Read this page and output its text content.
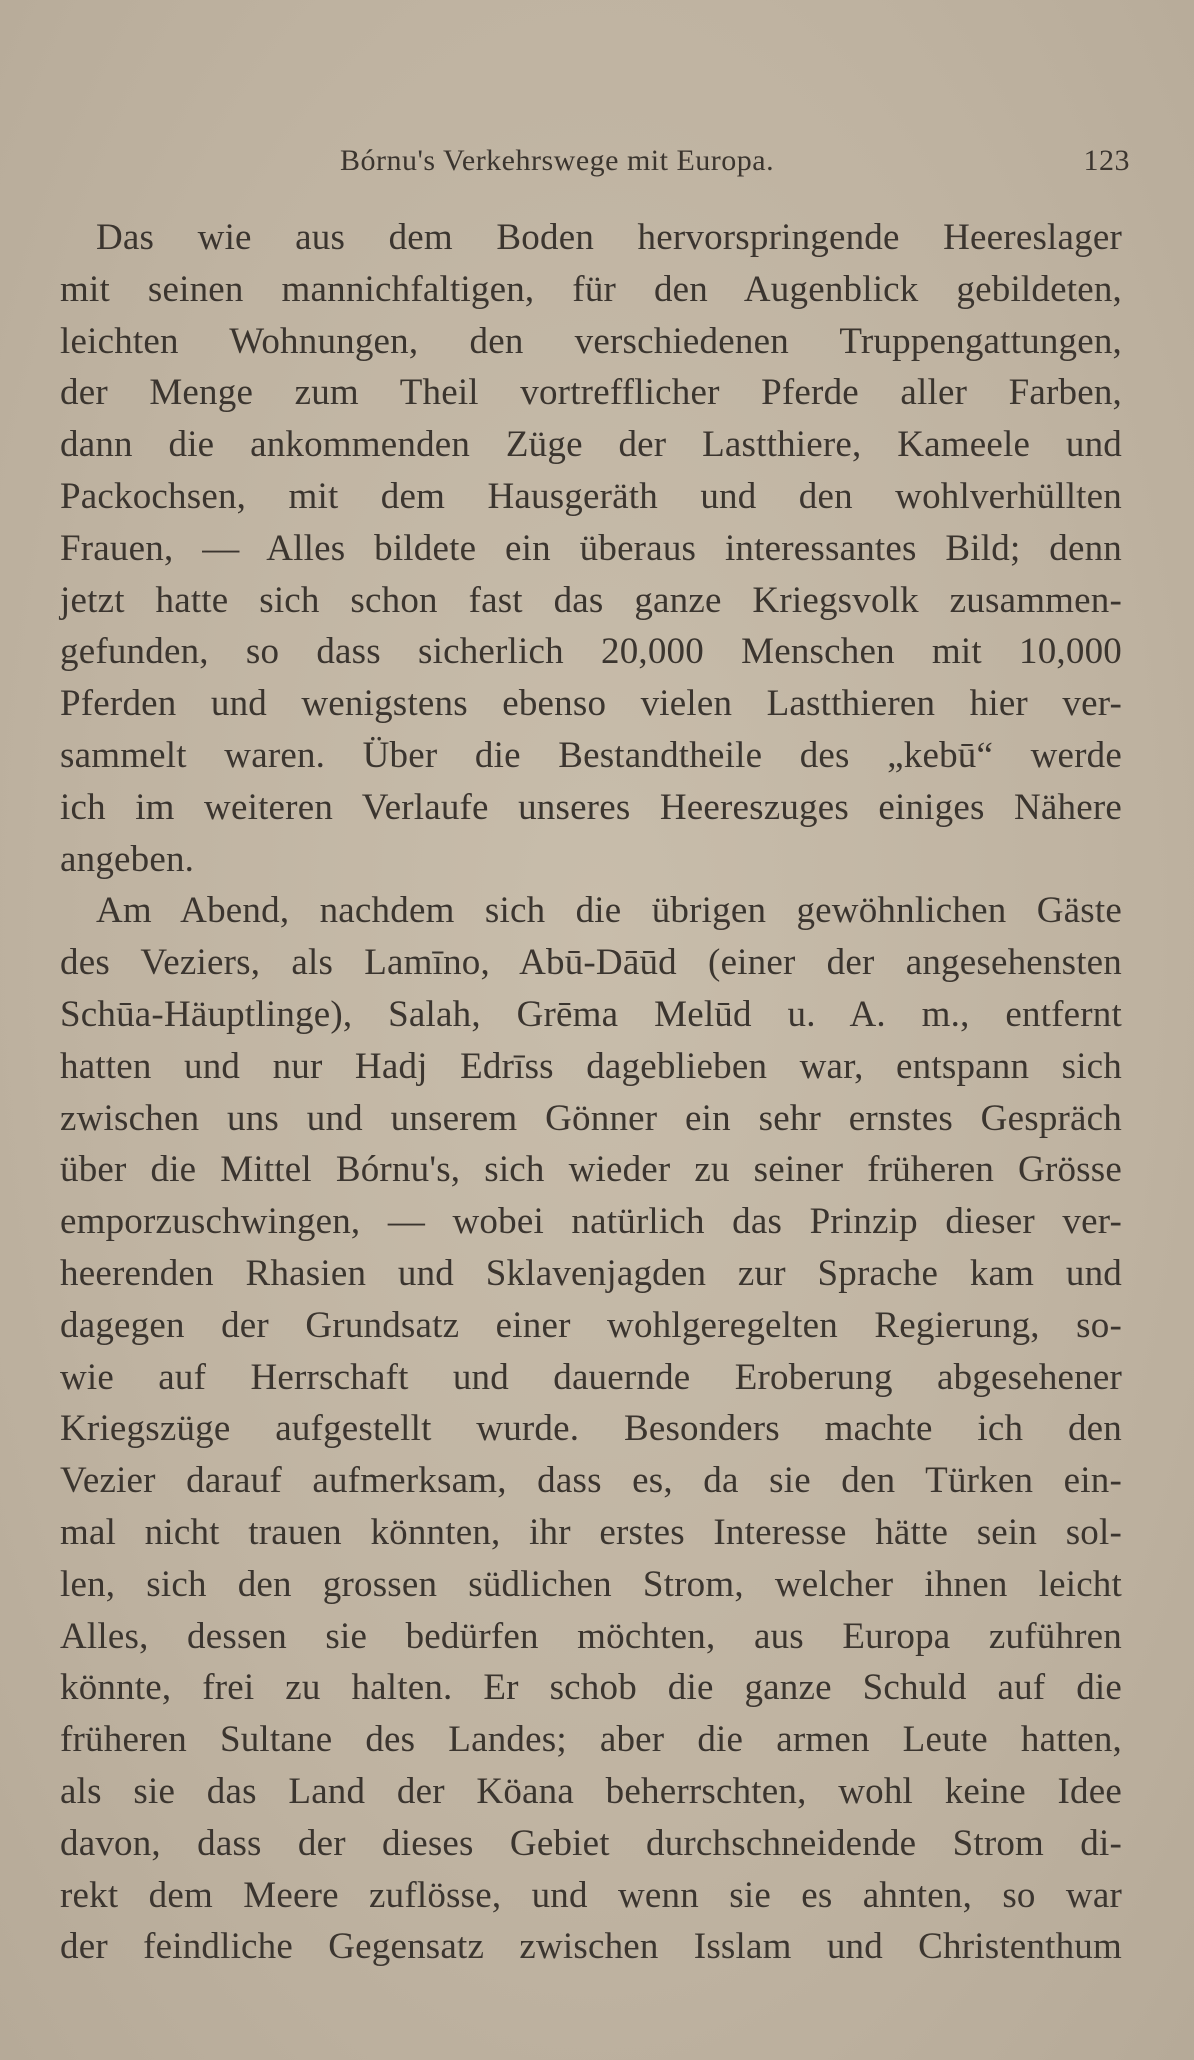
Bórnu's Verkehrswege mit Europa.	123
Das wie aus dem Boden hervorspringende Heereslager
mit seinen mannichfaltigen, für den Augenblick gebildeten,
leichten Wohnungen, den verschiedenen Truppengattungen,
der Menge zum Theil vortrefflicher Pferde aller Farben,
dann die ankommenden Züge der Lastthiere, Kameele und
Packochsen, mit dem Hausgeräth und den wohlverhüllten
Frauen, — Alles bildete ein überaus interessantes Bild; denn
jetzt hatte sich schon fast das ganze Kriegsvolk zusammen-
gefunden, so dass sicherlich 20,000 Menschen mit 10,000
Pferden und wenigstens ebenso vielen Lastthieren hier ver-
sammelt waren. Über die Bestandtheile des „kebū“ werde
ich im weiteren Verlaufe unseres Heereszuges einiges Nähere
angeben.
Am Abend, nachdem sich die übrigen gewöhnlichen Gäste
des Veziers, als Lamīno, Abū-Dāūd (einer der angesehensten
Schūa-Häuptlinge), Salah, Grēma Melūd u. A. m., entfernt
hatten und nur Hadj Edrīss dageblieben war, entspann sich
zwischen uns und unserem Gönner ein sehr ernstes Gespräch
über die Mittel Bórnu's, sich wieder zu seiner früheren Grösse
emporzuschwingen, — wobei natürlich das Prinzip dieser ver-
heerenden Rhasien und Sklavenjagden zur Sprache kam und
dagegen der Grundsatz einer wohlgeregelten Regierung, so-
wie auf Herrschaft und dauernde Eroberung abgesehener
Kriegszüge aufgestellt wurde. Besonders machte ich den
Vezier darauf aufmerksam, dass es, da sie den Türken ein-
mal nicht trauen könnten, ihr erstes Interesse hätte sein sol-
len, sich den grossen südlichen Strom, welcher ihnen leicht
Alles, dessen sie bedürfen möchten, aus Europa zuführen
könnte, frei zu halten. Er schob die ganze Schuld auf die
früheren Sultane des Landes; aber die armen Leute hatten,
als sie das Land der Köana beherrschten, wohl keine Idee
davon, dass der dieses Gebiet durchschneidende Strom di-
rekt dem Meere zuflösse, und wenn sie es ahnten, so war
der feindliche Gegensatz zwischen Isslam und Christenthum
